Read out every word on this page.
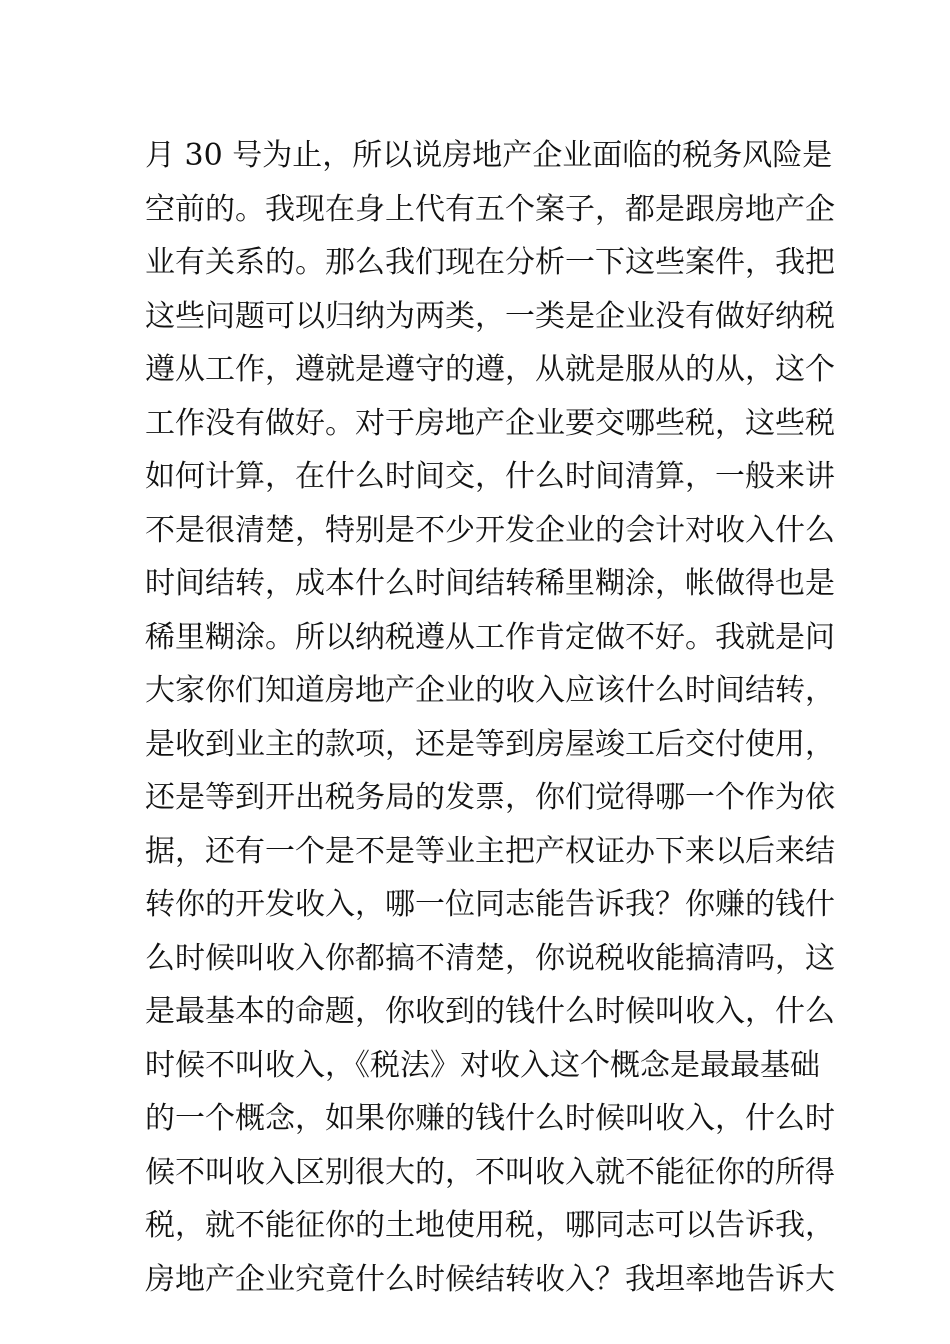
月 30 号为止，所以说房地产企业面临的税务风险是
空前的。我现在身上代有五个案子，都是跟房地产企
业有关系的。那么我们现在分析一下这些案件，我把
这些问题可以归纳为两类，一类是企业没有做好纳税
遵从工作，遵就是遵守的遵，从就是服从的从，这个
工作没有做好。对于房地产企业要交哪些税，这些税
如何计算，在什么时间交，什么时间清算，一般来讲
不是很清楚，特别是不少开发企业的会计对收入什么
时间结转，成本什么时间结转稀里糊涂，帐做得也是
稀里糊涂。所以纳税遵从工作肯定做不好。我就是问
大家你们知道房地产企业的收入应该什么时间结转，
是收到业主的款项，还是等到房屋竣工后交付使用，
还是等到开出税务局的发票，你们觉得哪一个作为依
据，还有一个是不是等业主把产权证办下来以后来结
转你的开发收入，哪一位同志能告诉我？你赚的钱什
么时候叫收入你都搞不清楚，你说税收能搞清吗，这
是最基本的命题，你收到的钱什么时候叫收入，什么
时候不叫收入，《税法》对收入这个概念是最最基础
的一个概念，如果你赚的钱什么时候叫收入，什么时
候不叫收入区别很大的，不叫收入就不能征你的所得
税，就不能征你的土地使用税，哪同志可以告诉我，
房地产企业究竟什么时候结转收入？我坦率地告诉大
